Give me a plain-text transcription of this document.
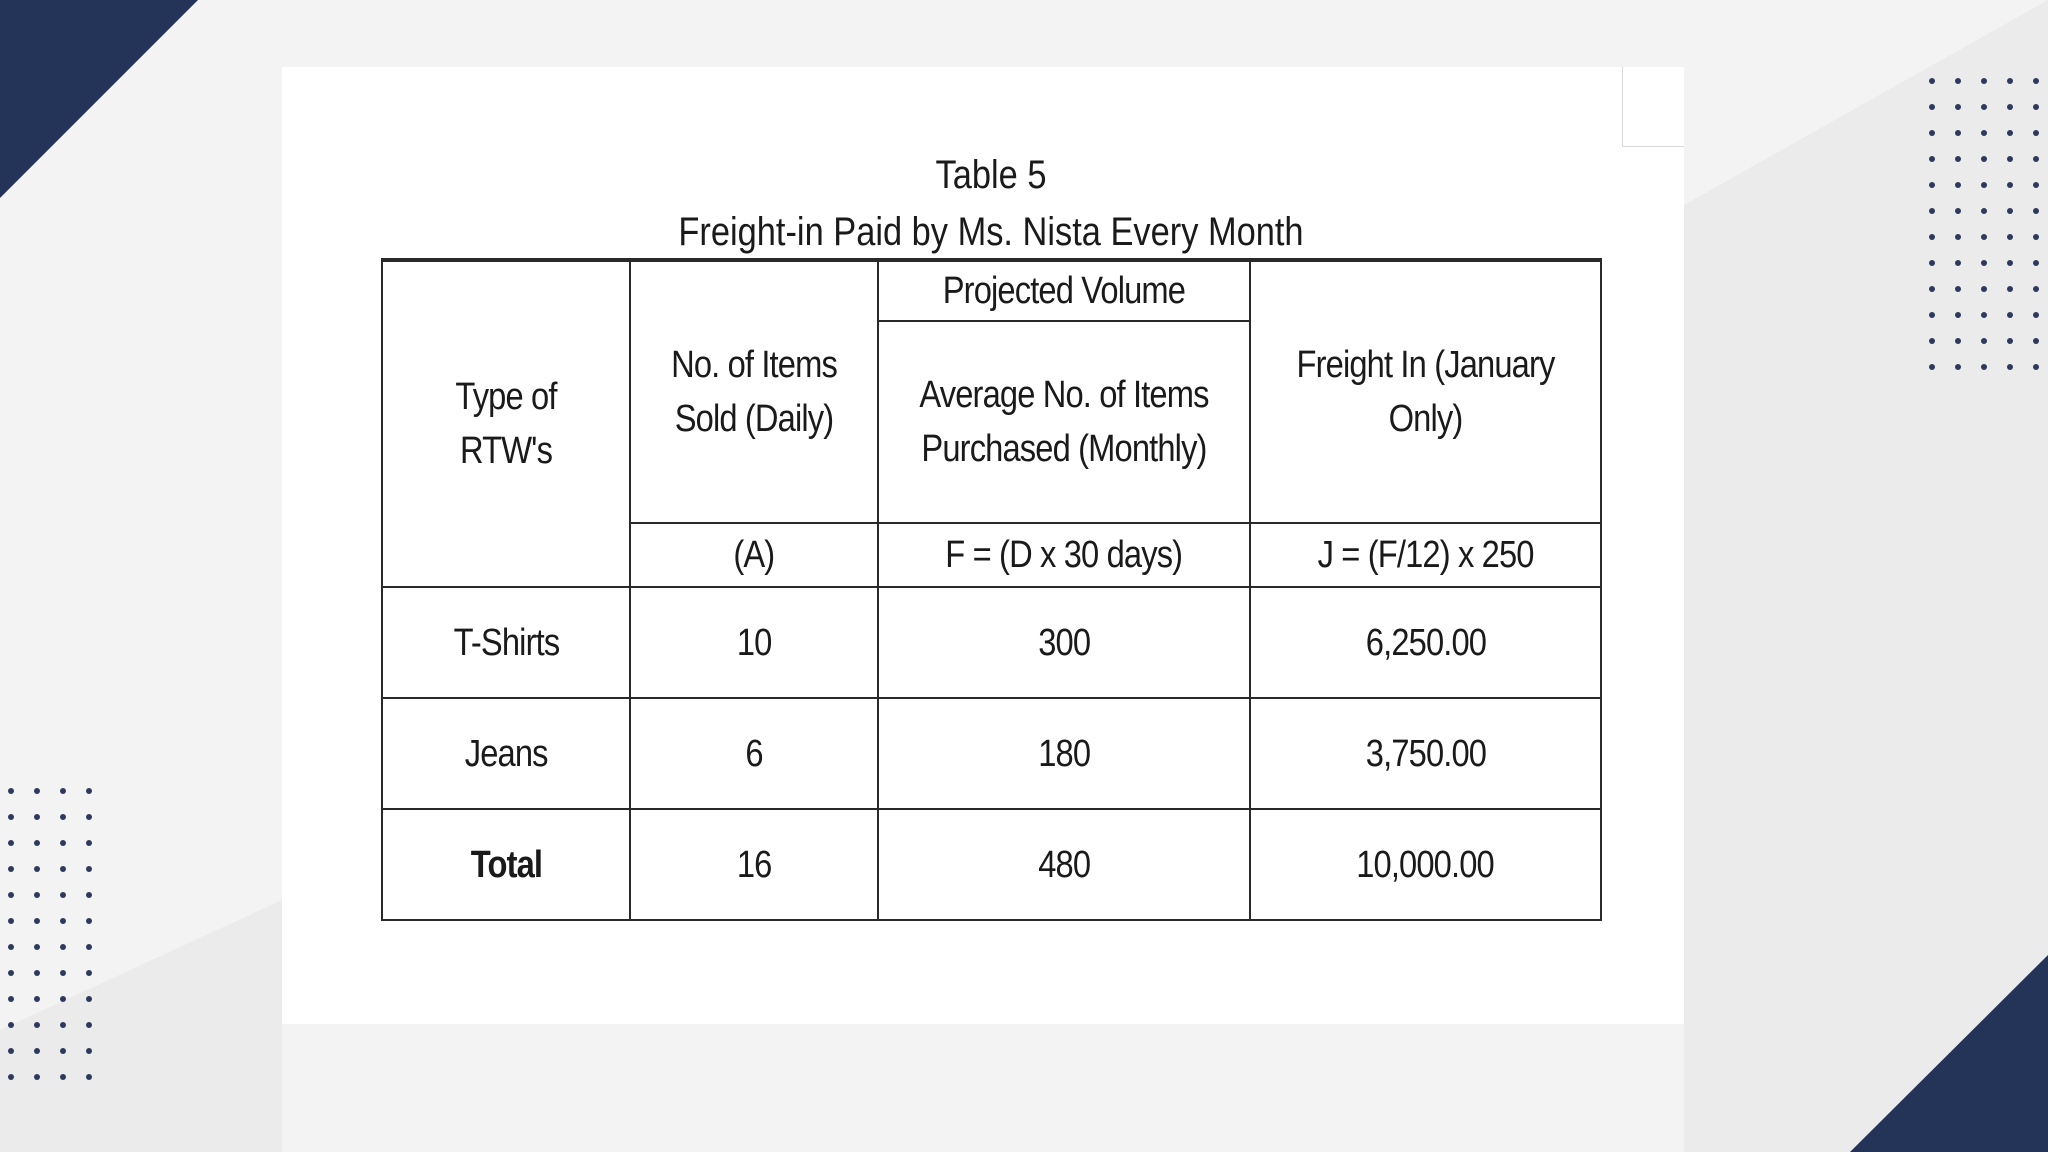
Table 5
Freight-in Paid by Ms. Nista Every Month
Type of RTW's	No. of Items Sold (Daily)	Projected Volume	Freight In (January Only)
		Average No. of Items Purchased (Monthly)	
	(A)	F = (D x 30 days)	J = (F/12) x 250
T-Shirts	10	300	6,250.00
Jeans	6	180	3,750.00
Total	16	480	10,000.00
